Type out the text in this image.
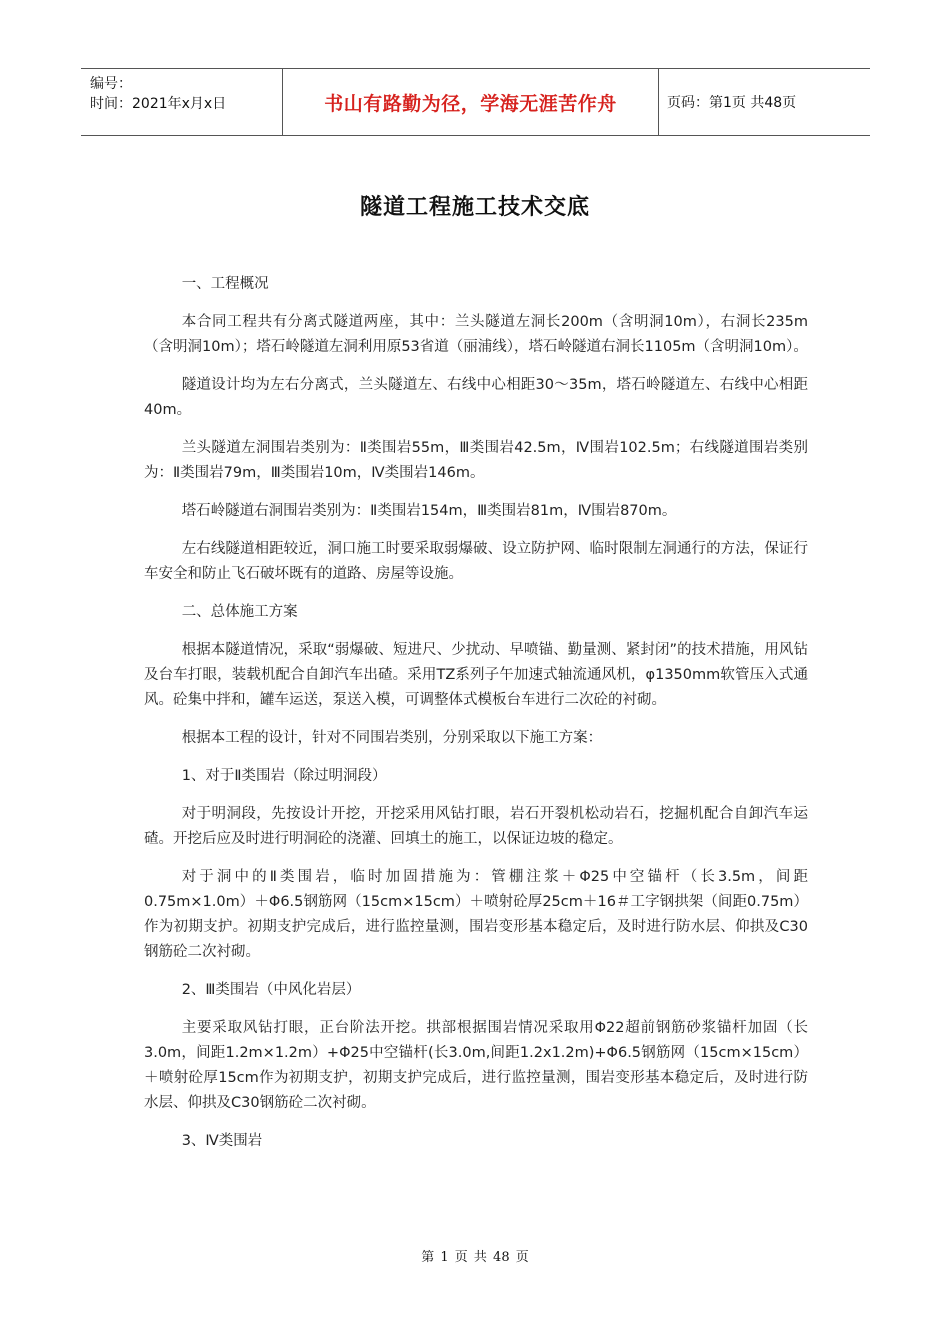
编号：
时间：2021年x月x日	书山有路勤为径，学海无涯苦作舟	页码：第1页 共48页
隧道工程施工技术交底

一、工程概况

本合同工程共有分离式隧道两座，其中：兰头隧道左洞长200m（含明洞10m），右洞长235m（含明洞10m）；塔石岭隧道左洞利用原53省道（丽浦线），塔石岭隧道右洞长1105m（含明洞10m）。

隧道设计均为左右分离式，兰头隧道左、右线中心相距30～35m，塔石岭隧道左、右线中心相距40m。

兰头隧道左洞围岩类别为：Ⅱ类围岩55m，Ⅲ类围岩42.5m，Ⅳ围岩102.5m；右线隧道围岩类别为：Ⅱ类围岩79m，Ⅲ类围岩10m，Ⅳ类围岩146m。

塔石岭隧道右洞围岩类别为：Ⅱ类围岩154m，Ⅲ类围岩81m，Ⅳ围岩870m。

左右线隧道相距较近，洞口施工时要采取弱爆破、设立防护网、临时限制左洞通行的方法，保证行车安全和防止飞石破坏既有的道路、房屋等设施。

二、总体施工方案

根据本隧道情况，采取“弱爆破、短进尺、少扰动、早喷锚、勤量测、紧封闭”的技术措施，用风钻及台车打眼，装载机配合自卸汽车出碴。采用TZ系列子午加速式轴流通风机，φ1350mm软管压入式通风。砼集中拌和，罐车运送，泵送入模，可调整体式模板台车进行二次砼的衬砌。

根据本工程的设计，针对不同围岩类别，分别采取以下施工方案：

1、对于Ⅱ类围岩（除过明洞段）

对于明洞段，先按设计开挖，开挖采用风钻打眼，岩石开裂机松动岩石，挖掘机配合自卸汽车运碴。开挖后应及时进行明洞砼的浇灌、回填土的施工，以保证边坡的稳定。

对于洞中的Ⅱ类围岩，临时加固措施为：管棚注浆＋Φ25中空锚杆（长3.5m，间距0.75m×1.0m）＋Φ6.5钢筋网（15cm×15cm）＋喷射砼厚25cm＋16＃工字钢拱架（间距0.75m）作为初期支护。初期支护完成后，进行监控量测，围岩变形基本稳定后，及时进行防水层、仰拱及C30钢筋砼二次衬砌。

2、Ⅲ类围岩（中风化岩层）

主要采取风钻打眼，正台阶法开挖。拱部根据围岩情况采取用Φ22超前钢筋砂浆锚杆加固（长3.0m，间距1.2m×1.2m）+Φ25中空锚杆(长3.0m,间距1.2x1.2m)+Φ6.5钢筋网（15cm×15cm）＋喷射砼厚15cm作为初期支护，初期支护完成后，进行监控量测，围岩变形基本稳定后，及时进行防水层、仰拱及C30钢筋砼二次衬砌。

3、Ⅳ类围岩

第 1 页 共 48 页
